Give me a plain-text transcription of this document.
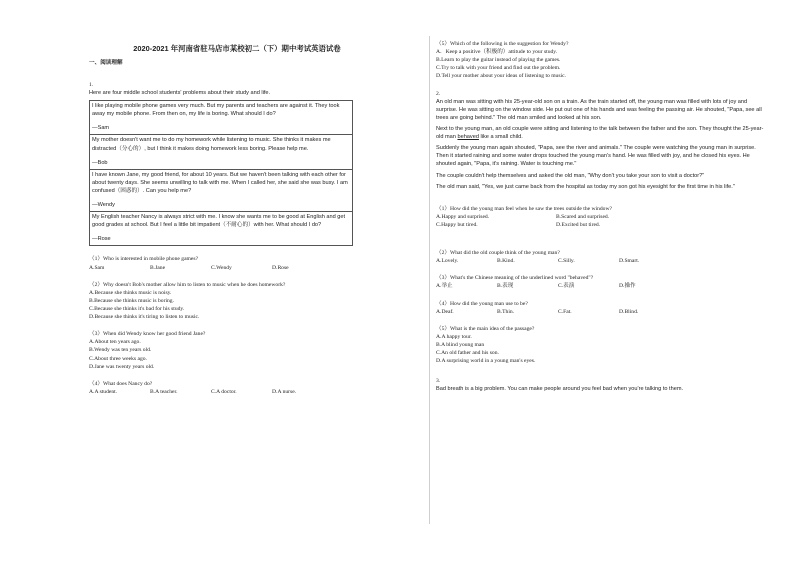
2020-2021 年河南省驻马店市某校初二（下）期中考试英语试卷
一、阅读理解

1.

Here are four middle school students' problems about their study and life.

I like playing mobile phone games very much. But my parents and teachers are against it. They took away my mobile phone. From then on, my life is boring. What should I do?

—Sam

My mother doesn't want me to do my homework while listening to music. She thinks it makes me distracted（分心的）, but I think it makes doing homework less boring. Please help me.

—Bob

I have known Jane, my good friend, for about 10 years. But we haven't been talking with each other for about twenty days. She seems unwilling to talk with me. When I called her, she said she was busy. I am confused（困惑的）. Can you help me?

—Wendy

My English teacher Nancy is always strict with me. I know she wants me to be good at English and get good grades at school. But I feel a little bit impatient（不耐心的）with her. What should I do?

—Rose

（1）Who is interested in mobile phone games?

A.Sam	B.Jane	C.Wendy	D.Rose

（2）Why doesn't Bob's mother allow him to listen to music when he does homework?

A.Because she thinks music is noisy.

B.Because she thinks music is boring.

C.Because she thinks it's bad for his study.

D.Because she thinks it's tiring to listen to music.

（3）When did Wendy know her good friend Jane?

A.About ten years ago.

B.Wendy was ten years old.

C.About three weeks ago.

D.Jane was twenty years old.

（4）What does Nancy do?

A.A student.	B.A teacher.	C.A doctor.	D.A nurse.

（5）Which of the following is the suggestion for Wendy?

A．Keep a positive（积极的）attitude to your study.

B.Learn to play the guitar instead of playing the games.

C.Try to talk with your friend and find out the problem.

D.Tell your mother about your ideas of listening to music.

2.

An old man was sitting with his 25-year-old son on a train. As the train started off, the young man was filled with lots of joy and surprise. He was sitting on the window side. He put out one of his hands and was feeling the passing air. He shouted, "Papa, see all trees are going behind." The old man smiled and looked at his son.

Next to the young man, an old couple were sitting and listening to the talk between the father and the son. They thought the 25-year-old man behaved like a small child.

Suddenly the young man again shouted, "Papa, see the river and animals." The couple were watching the young man in surprise. Then it started raining and some water drops touched the young man's hand. He was filled with joy, and he closed his eyes. He shouted again, "Papa, it's raining. Water is touching me."

The couple couldn't help themselves and asked the old man, "Why don't you take your son to visit a doctor?"

The old man said, "Yes, we just came back from the hospital as today my son got his eyesight for the first time in his life."

（1）How did the young man feel when he saw the trees outside the window?

A.Happy and surprised.	B.Scared and surprised.
C.Happy but tired.	D.Excited but tired.

（2）What did the old couple think of the young man?

A.Lovely.	B.Kind.	C.Silly.	D.Smart.

（3）What's the Chinese meaning of the underlined word "behaved"?

A.举止	B.表现	C.表演	D.操作

（4）How did the young man use to be?

A.Deaf.	B.Thin.	C.Fat.	D.Blind.

（5）What is the main idea of the passage?

A.A happy tour.

B.A blind young man

C.An old father and his son.

D.A surprising world in a young man's eyes.

3.

Bad breath is a big problem. You can make people around you feel bad when you're talking to them.
